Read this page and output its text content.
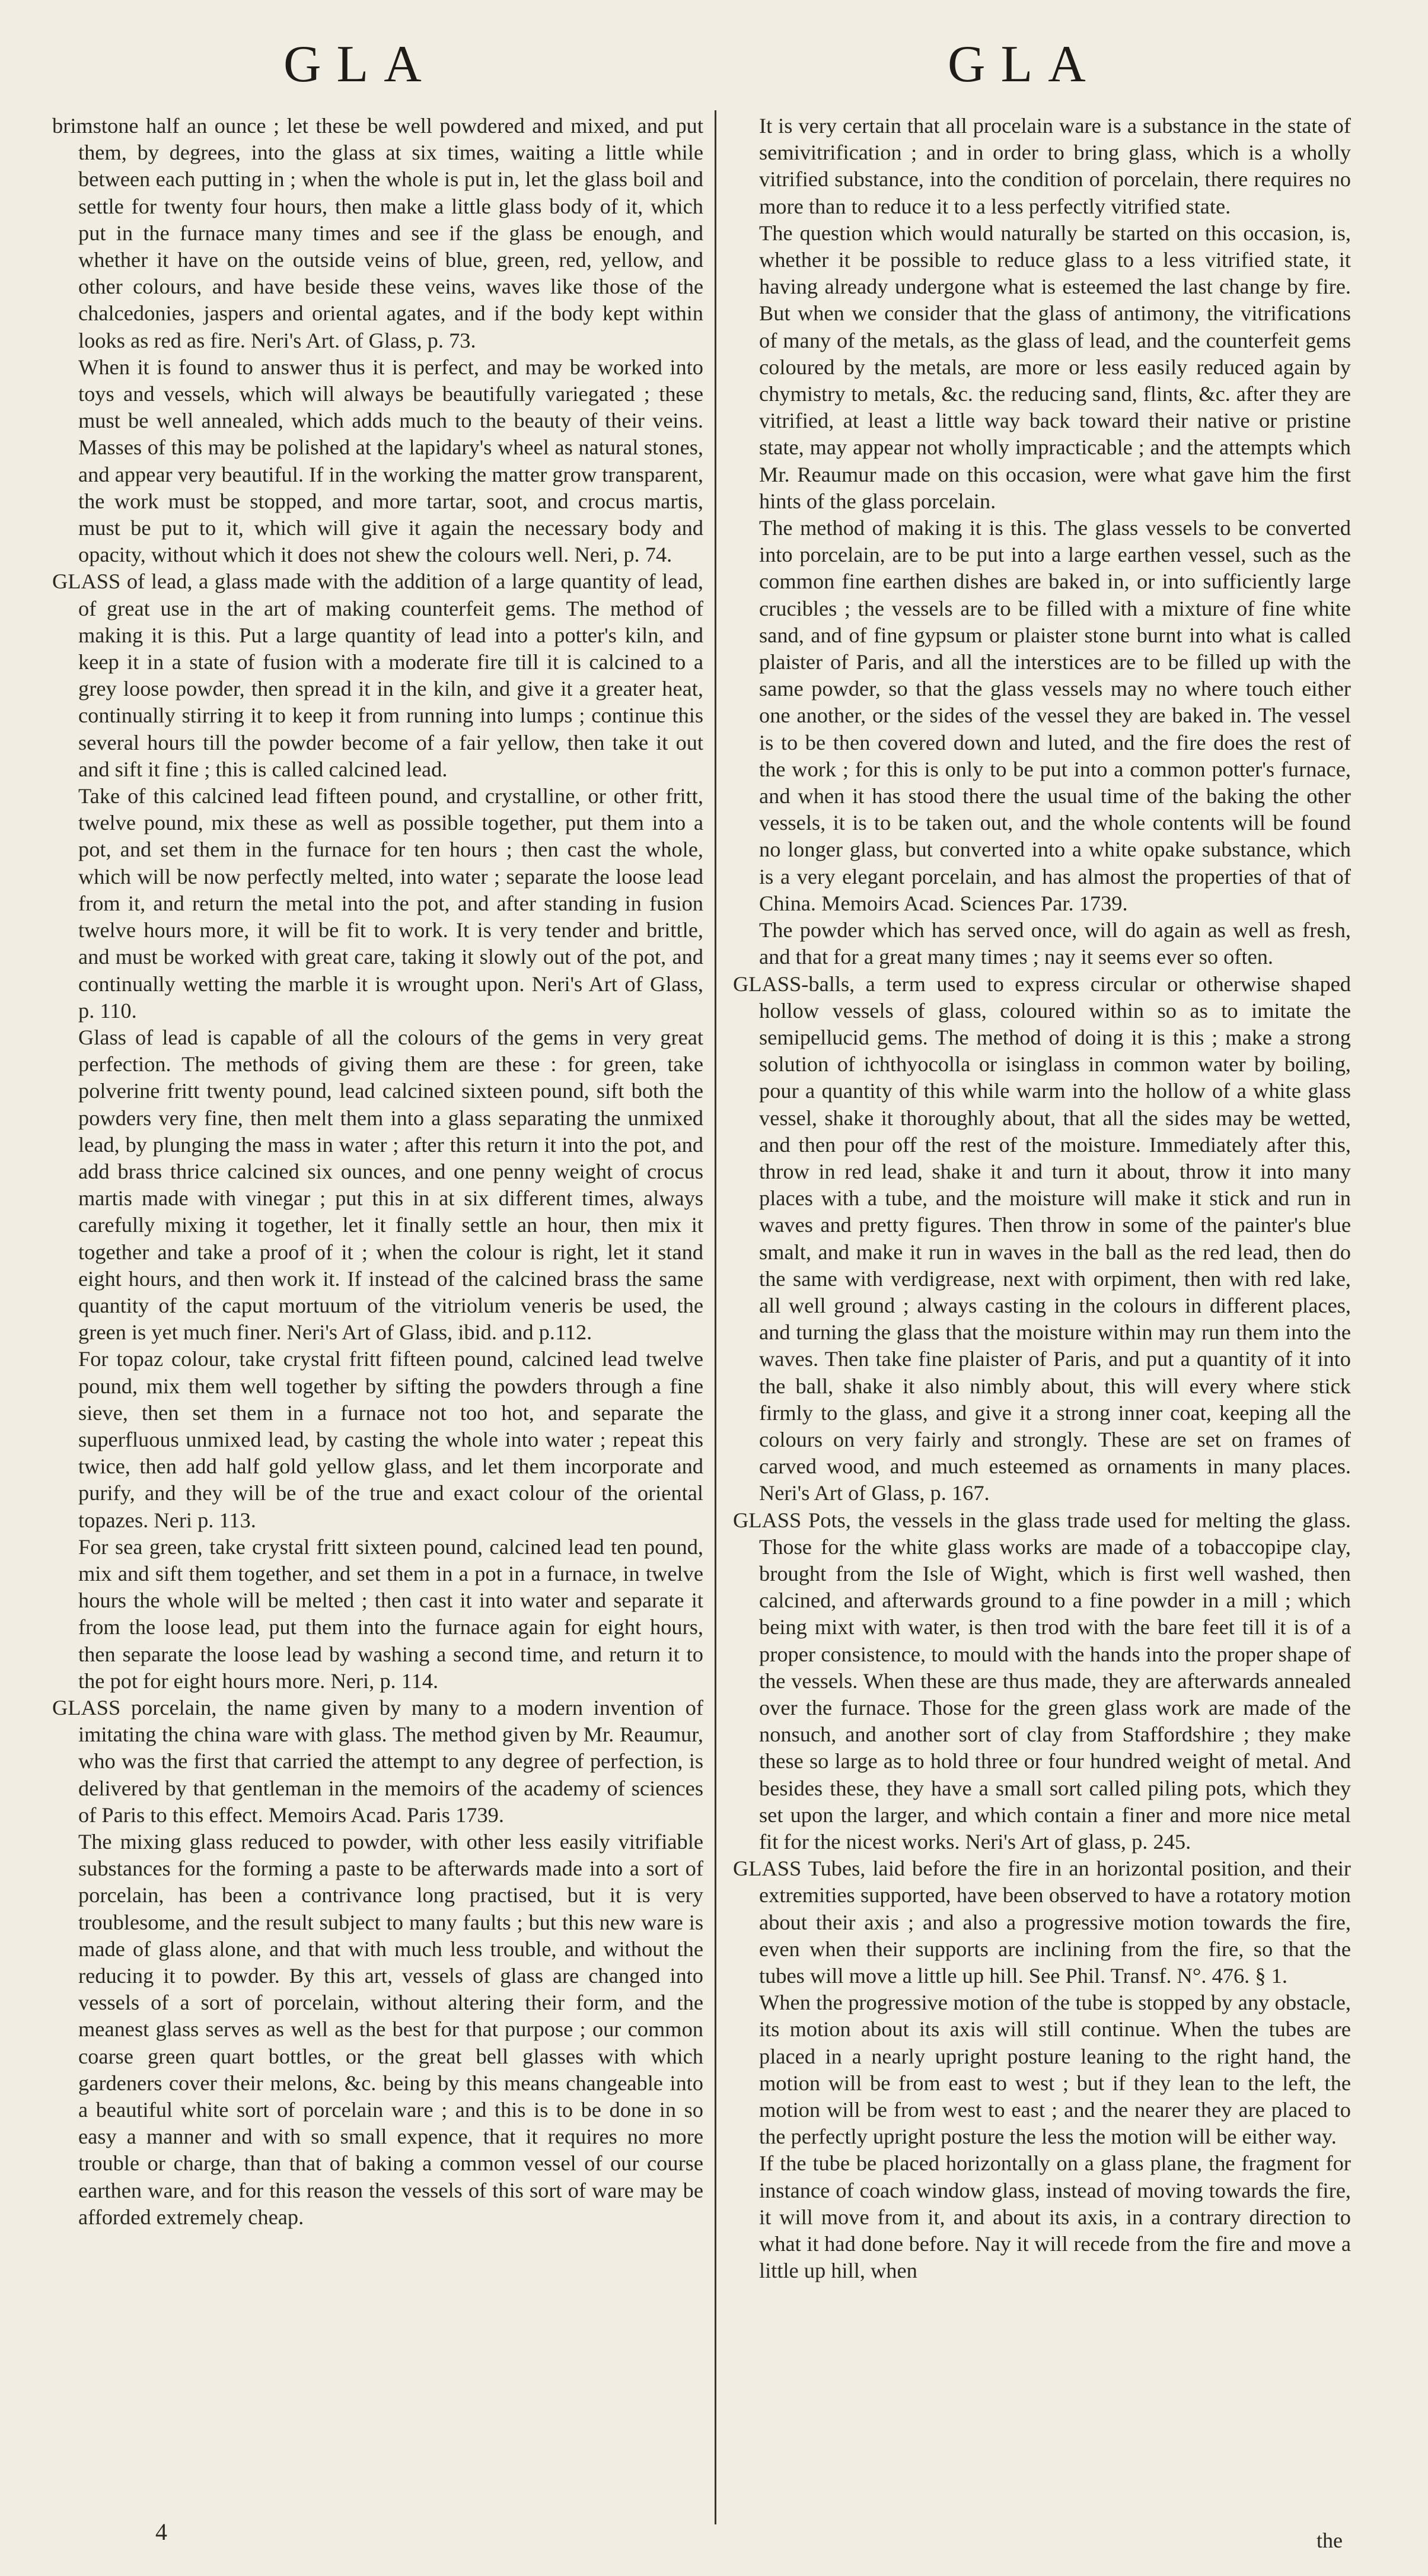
GLA	GLA

brimstone half an ounce ; let these be well powdered and mixed, and put them, by degrees, into the glass at six times, waiting a little while between each putting in ; when the whole is put in, let the glass boil and settle for twenty four hours, then make a little glass body of it, which put in the furnace many times and see if the glass be enough, and whether it have on the outside veins of blue, green, red, yellow, and other colours, and have beside these veins, waves like those of the chalcedonies, jaspers and oriental agates, and if the body kept within looks as red as fire. Neri's Art. of Glass, p. 73.

When it is found to answer thus it is perfect, and may be worked into toys and vessels, which will always be beautifully variegated ; these must be well annealed, which adds much to the beauty of their veins. Masses of this may be polished at the lapidary's wheel as natural stones, and appear very beautiful. If in the working the matter grow transparent, the work must be stopped, and more tartar, soot, and crocus martis, must be put to it, which will give it again the necessary body and opacity, without which it does not shew the colours well. Neri, p. 74.

GLASS of lead, a glass made with the addition of a large quantity of lead, of great use in the art of making counterfeit gems. The method of making it is this. Put a large quantity of lead into a potter's kiln, and keep it in a state of fusion with a moderate fire till it is calcined to a grey loose powder, then spread it in the kiln, and give it a greater heat, continually stirring it to keep it from running into lumps ; continue this several hours till the powder become of a fair yellow, then take it out and sift it fine ; this is called calcined lead.

Take of this calcined lead fifteen pound, and crystalline, or other fritt, twelve pound, mix these as well as possible together, put them into a pot, and set them in the furnace for ten hours ; then cast the whole, which will be now perfectly melted, into water ; separate the loose lead from it, and return the metal into the pot, and after standing in fusion twelve hours more, it will be fit to work. It is very tender and brittle, and must be worked with great care, taking it slowly out of the pot, and continually wetting the marble it is wrought upon. Neri's Art of Glass, p. 110.

Glass of lead is capable of all the colours of the gems in very great perfection. The methods of giving them are these : for green, take polverine fritt twenty pound, lead calcined sixteen pound, sift both the powders very fine, then melt them into a glass separating the unmixed lead, by plunging the mass in water ; after this return it into the pot, and add brass thrice calcined six ounces, and one penny weight of crocus martis made with vinegar ; put this in at six different times, always carefully mixing it together, let it finally settle an hour, then mix it together and take a proof of it ; when the colour is right, let it stand eight hours, and then work it. If instead of the calcined brass the same quantity of the caput mortuum of the vitriolum veneris be used, the green is yet much finer. Neri's Art of Glass, ibid. and p.112.

For topaz colour, take crystal fritt fifteen pound, calcined lead twelve pound, mix them well together by sifting the powders through a fine sieve, then set them in a furnace not too hot, and separate the superfluous unmixed lead, by casting the whole into water ; repeat this twice, then add half gold yellow glass, and let them incorporate and purify, and they will be of the true and exact colour of the oriental topazes. Neri p. 113.

For sea green, take crystal fritt sixteen pound, calcined lead ten pound, mix and sift them together, and set them in a pot in a furnace, in twelve hours the whole will be melted ; then cast it into water and separate it from the loose lead, put them into the furnace again for eight hours, then separate the loose lead by washing a second time, and return it to the pot for eight hours more. Neri, p. 114.

GLASS porcelain, the name given by many to a modern invention of imitating the china ware with glass. The method given by Mr. Reaumur, who was the first that carried the attempt to any degree of perfection, is delivered by that gentleman in the memoirs of the academy of sciences of Paris to this effect. Memoirs Acad. Paris 1739.

The mixing glass reduced to powder, with other less easily vitrifiable substances for the forming a paste to be afterwards made into a sort of porcelain, has been a contrivance long practised, but it is very troublesome, and the result subject to many faults ; but this new ware is made of glass alone, and that with much less trouble, and without the reducing it to powder. By this art, vessels of glass are changed into vessels of a sort of porcelain, without altering their form, and the meanest glass serves as well as the best for that purpose ; our common coarse green quart bottles, or the great bell glasses with which gardeners cover their melons, &c. being by this means changeable into a beautiful white sort of porcelain ware ; and this is to be done in so easy a manner and with so small expence, that it requires no more trouble or charge, than that of baking a common vessel of our course earthen ware, and for this reason the vessels of this sort of ware may be afforded extremely cheap.

It is very certain that all procelain ware is a substance in the state of semivitrification ; and in order to bring glass, which is a wholly vitrified substance, into the condition of porcelain, there requires no more than to reduce it to a less perfectly vitrified state.

The question which would naturally be started on this occasion, is, whether it be possible to reduce glass to a less vitrified state, it having already undergone what is esteemed the last change by fire. But when we consider that the glass of antimony, the vitrifications of many of the metals, as the glass of lead, and the counterfeit gems coloured by the metals, are more or less easily reduced again by chymistry to metals, &c. the reducing sand, flints, &c. after they are vitrified, at least a little way back toward their native or pristine state, may appear not wholly impracticable ; and the attempts which Mr. Reaumur made on this occasion, were what gave him the first hints of the glass porcelain.

The method of making it is this. The glass vessels to be converted into porcelain, are to be put into a large earthen vessel, such as the common fine earthen dishes are baked in, or into sufficiently large crucibles ; the vessels are to be filled with a mixture of fine white sand, and of fine gypsum or plaister stone burnt into what is called plaister of Paris, and all the interstices are to be filled up with the same powder, so that the glass vessels may no where touch either one another, or the sides of the vessel they are baked in. The vessel is to be then covered down and luted, and the fire does the rest of the work ; for this is only to be put into a common potter's furnace, and when it has stood there the usual time of the baking the other vessels, it is to be taken out, and the whole contents will be found no longer glass, but converted into a white opake substance, which is a very elegant porcelain, and has almost the properties of that of China. Memoirs Acad. Sciences Par. 1739.

The powder which has served once, will do again as well as fresh, and that for a great many times ; nay it seems ever so often.

GLASS-balls, a term used to express circular or otherwise shaped hollow vessels of glass, coloured within so as to imitate the semipellucid gems. The method of doing it is this ; make a strong solution of ichthyocolla or isinglass in common water by boiling, pour a quantity of this while warm into the hollow of a white glass vessel, shake it thoroughly about, that all the sides may be wetted, and then pour off the rest of the moisture. Immediately after this, throw in red lead, shake it and turn it about, throw it into many places with a tube, and the moisture will make it stick and run in waves and pretty figures. Then throw in some of the painter's blue smalt, and make it run in waves in the ball as the red lead, then do the same with verdigrease, next with orpiment, then with red lake, all well ground ; always casting in the colours in different places, and turning the glass that the moisture within may run them into the waves. Then take fine plaister of Paris, and put a quantity of it into the ball, shake it also nimbly about, this will every where stick firmly to the glass, and give it a strong inner coat, keeping all the colours on very fairly and strongly. These are set on frames of carved wood, and much esteemed as ornaments in many places. Neri's Art of Glass, p. 167.

GLASS Pots, the vessels in the glass trade used for melting the glass. Those for the white glass works are made of a tobaccopipe clay, brought from the Isle of Wight, which is first well washed, then calcined, and afterwards ground to a fine powder in a mill ; which being mixt with water, is then trod with the bare feet till it is of a proper consistence, to mould with the hands into the proper shape of the vessels. When these are thus made, they are afterwards annealed over the furnace. Those for the green glass work are made of the nonsuch, and another sort of clay from Staffordshire ; they make these so large as to hold three or four hundred weight of metal. And besides these, they have a small sort called piling pots, which they set upon the larger, and which contain a finer and more nice metal fit for the nicest works. Neri's Art of glass, p. 245.

GLASS Tubes, laid before the fire in an horizontal position, and their extremities supported, have been observed to have a rotatory motion about their axis ; and also a progressive motion towards the fire, even when their supports are inclining from the fire, so that the tubes will move a little up hill. See Phil. Transf. N°. 476. § 1.

When the progressive motion of the tube is stopped by any obstacle, its motion about its axis will still continue. When the tubes are placed in a nearly upright posture leaning to the right hand, the motion will be from east to west ; but if they lean to the left, the motion will be from west to east ; and the nearer they are placed to the perfectly upright posture the less the motion will be either way.

If the tube be placed horizontally on a glass plane, the fragment for instance of coach window glass, instead of moving towards the fire, it will move from it, and about its axis, in a contrary direction to what it had done before. Nay it will recede from the fire and move a little up hill, when

4	the
